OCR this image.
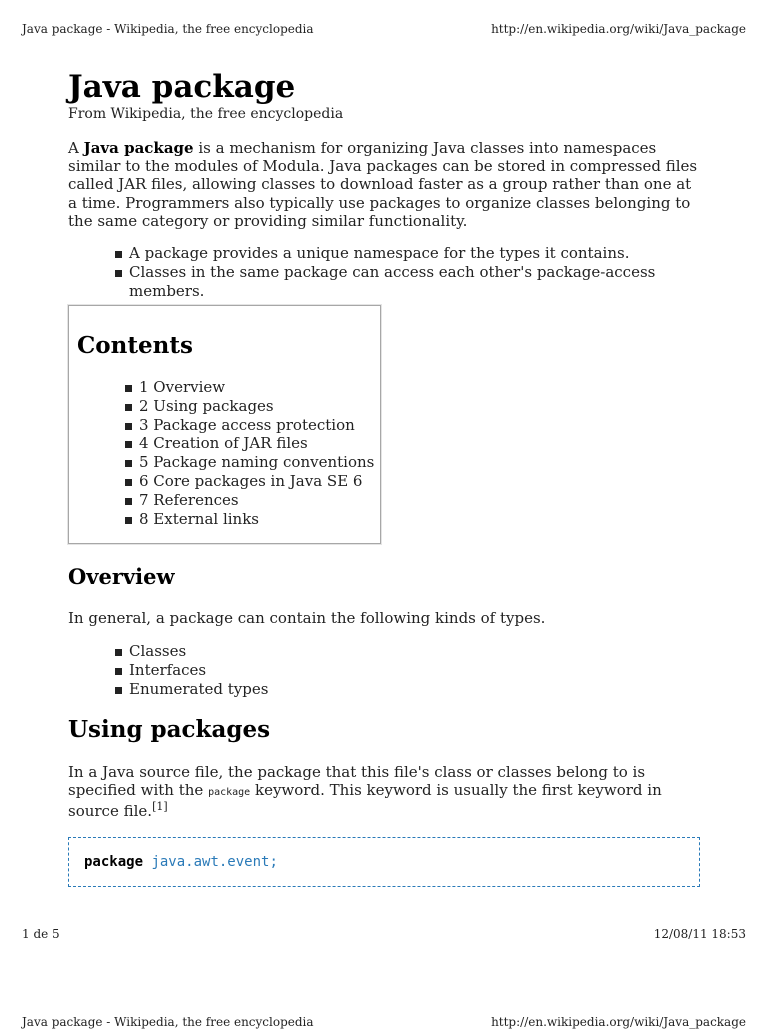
Java package - Wikipedia, the free encyclopedia	http://en.wikipedia.org/wiki/Java_package
Java package
From Wikipedia, the free encyclopedia

A Java package is a mechanism for organizing Java classes into namespaces similar to the modules of Modula. Java packages can be stored in compressed files called JAR files, allowing classes to download faster as a group rather than one at a time. Programmers also typically use packages to organize classes belonging to the same category or providing similar functionality.

A package provides a unique namespace for the types it contains.
Classes in the same package can access each other's package-access members.
Contents
1 Overview
2 Using packages
3 Package access protection
4 Creation of JAR files
5 Package naming conventions
6 Core packages in Java SE 6
7 References
8 External links
Overview

In general, a package can contain the following kinds of types.

Classes
Interfaces
Enumerated types
Using packages

In a Java source file, the package that this file's class or classes belong to is specified with the package keyword. This keyword is usually the first keyword in source file.[1]

package java.awt.event;
1 de 5	12/08/11 18:53
Java package - Wikipedia, the free encyclopedia	http://en.wikipedia.org/wiki/Java_package
